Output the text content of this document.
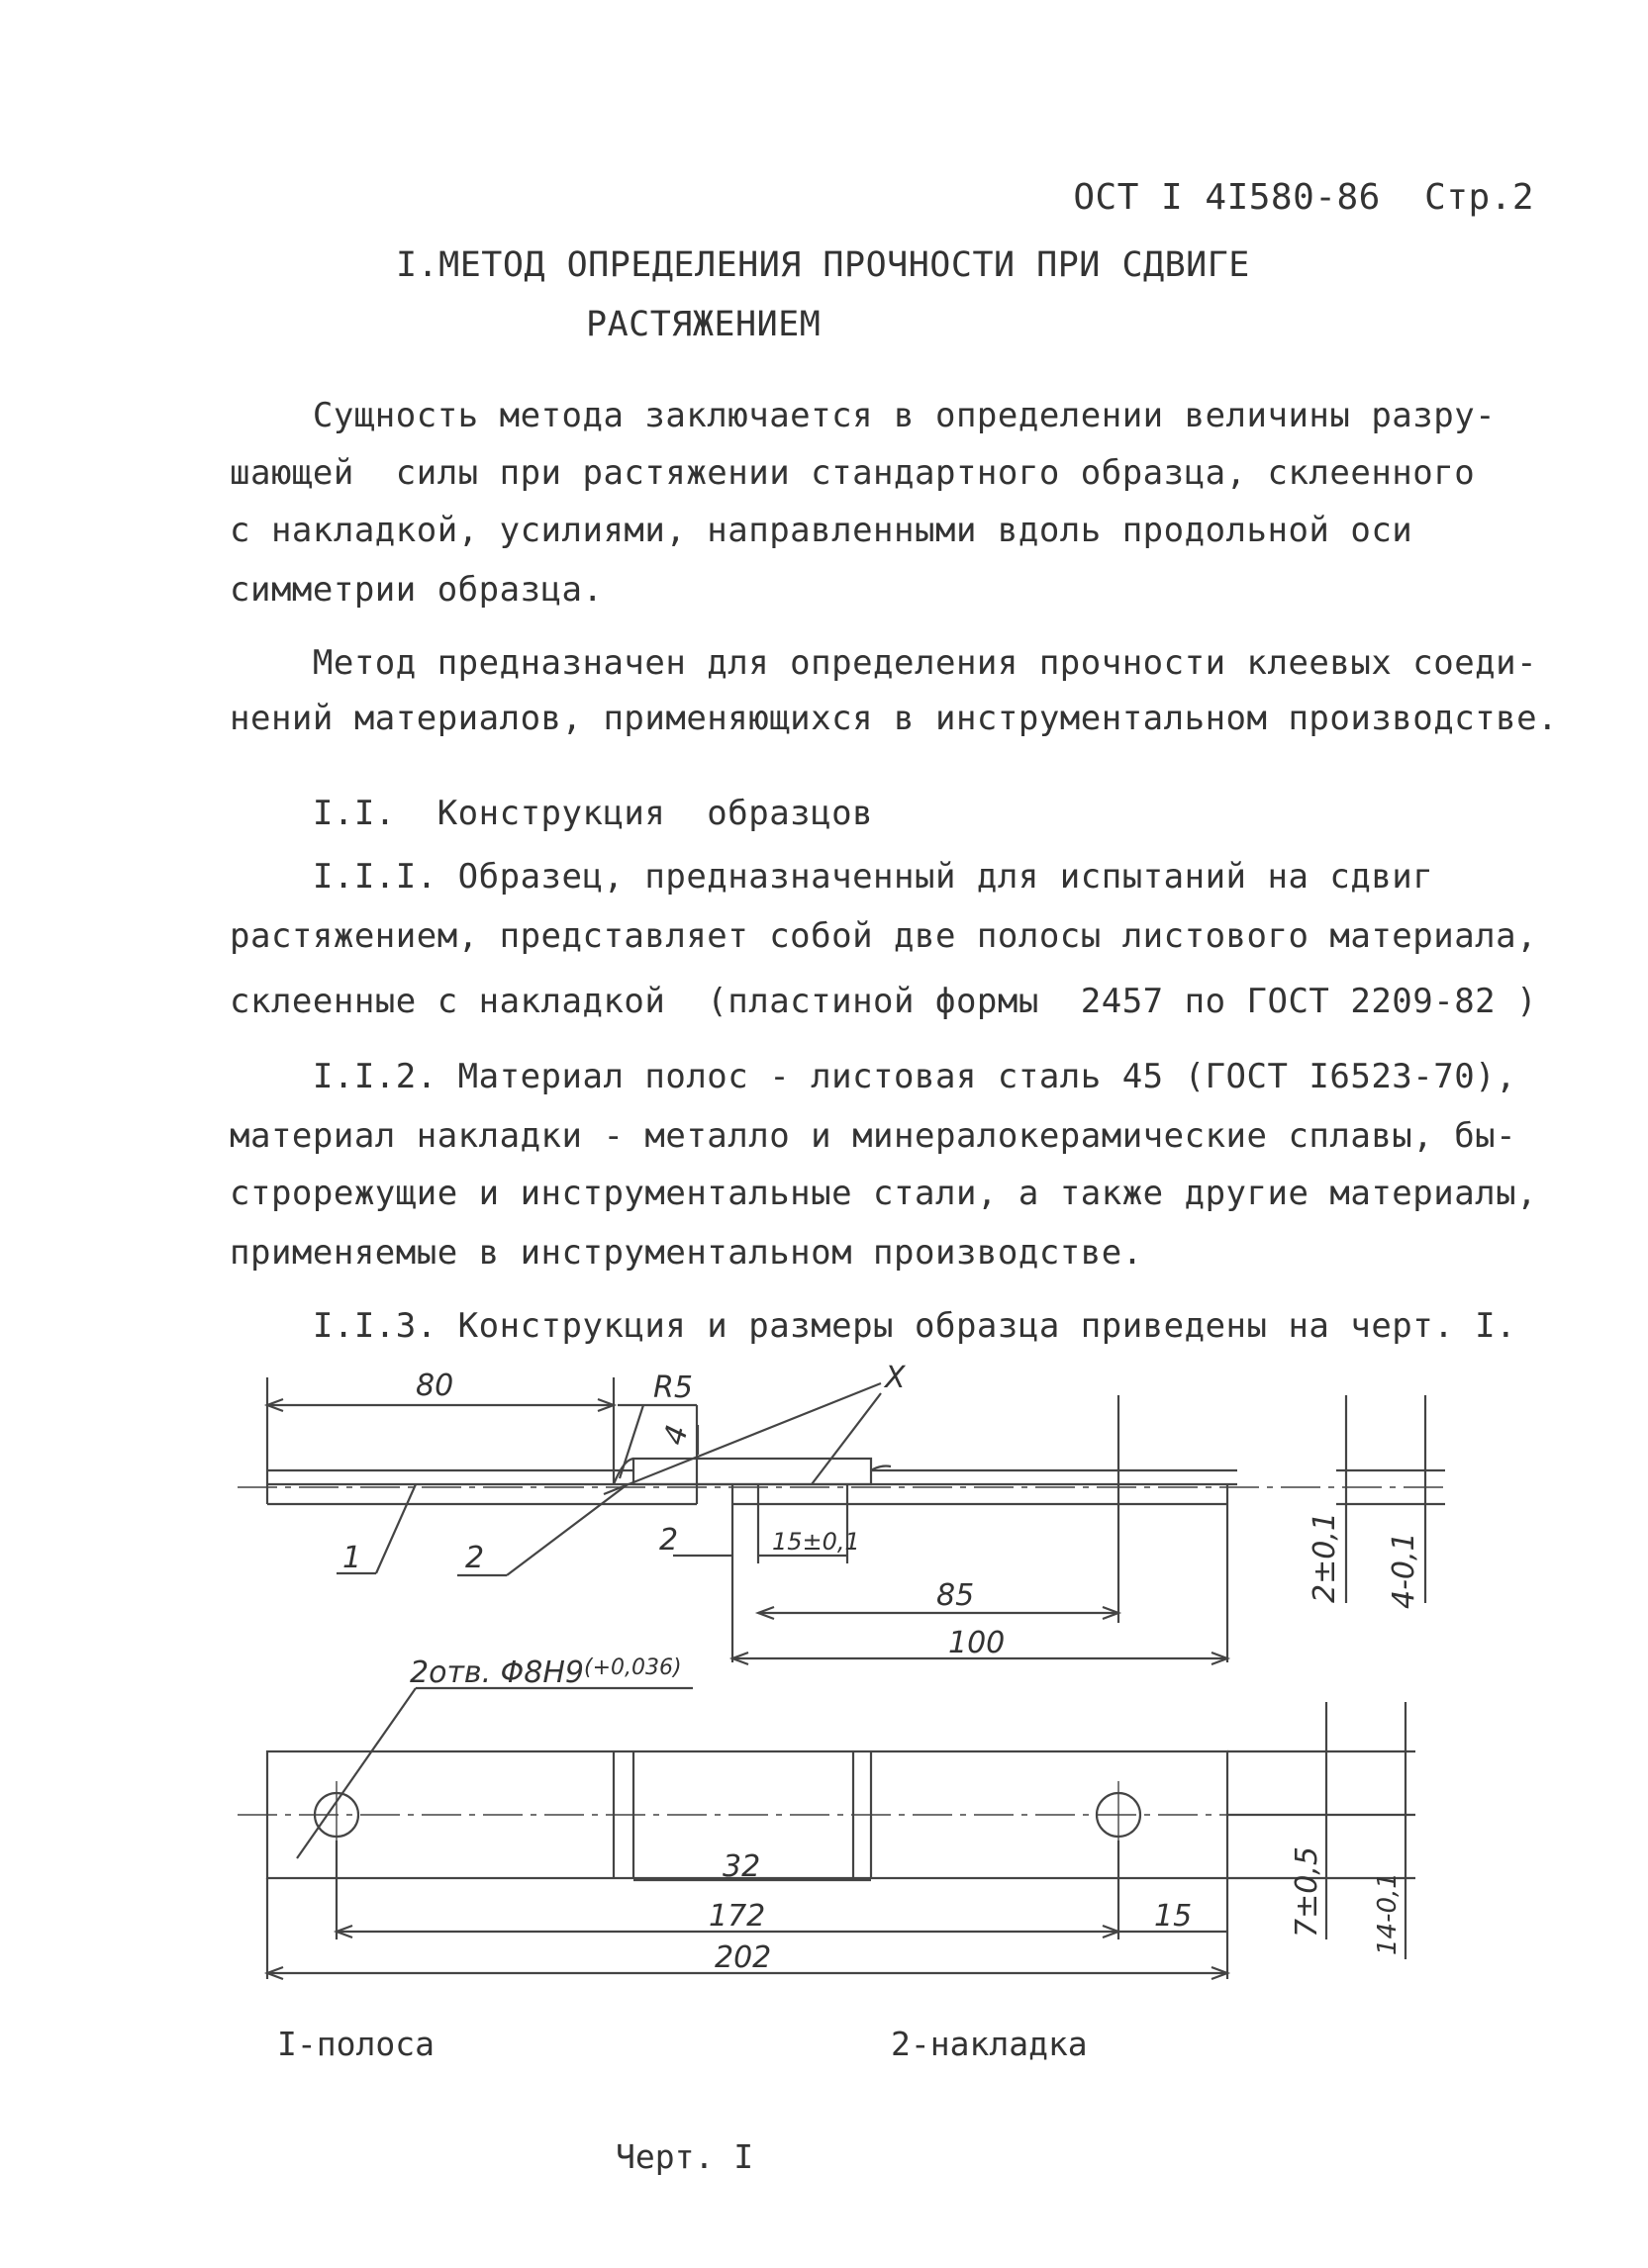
ОСТ I 4I580-86 Стр.2

I.МЕТОД ОПРЕДЕЛЕНИЯ ПРОЧНОСТИ ПРИ СДВИГЕ
РАСТЯЖЕНИЕМ
Сущность метода заключается в определении величины разру-
шающей  силы при растяжении стандартного образца, склеенного
с накладкой, усилиями, направленными вдоль продольной оси
симметрии образца.
Метод предназначен для определения прочности клеевых соеди-
нений материалов, применяющихся в инструментальном производстве.
I.I.  Конструкция  образцов
I.I.I. Образец, предназначенный для испытаний на сдвиг
растяжением, представляет собой две полосы листового материала,
склеенные с накладкой  (пластиной формы  2457 по ГОСТ 2209-82 )
I.I.2. Материал полос - листовая сталь 45 (ГОСТ I6523-70),
материал накладки - металло и минералокерамические сплавы, бы-
строрежущие и инструментальные стали, а также другие материалы,
применяемые в инструментальном производстве.
I.I.3. Конструкция и размеры образца приведены на черт. I.
80	R5
4
X
1	2
2	15±0,1
85
100
2±0,1 4-0,1
2отв. $\Phi 8H9^{(+0,036)}$
32
172	15
202
7±0,5 14-0,1
I-полоса	2-накладка
Черт. I
